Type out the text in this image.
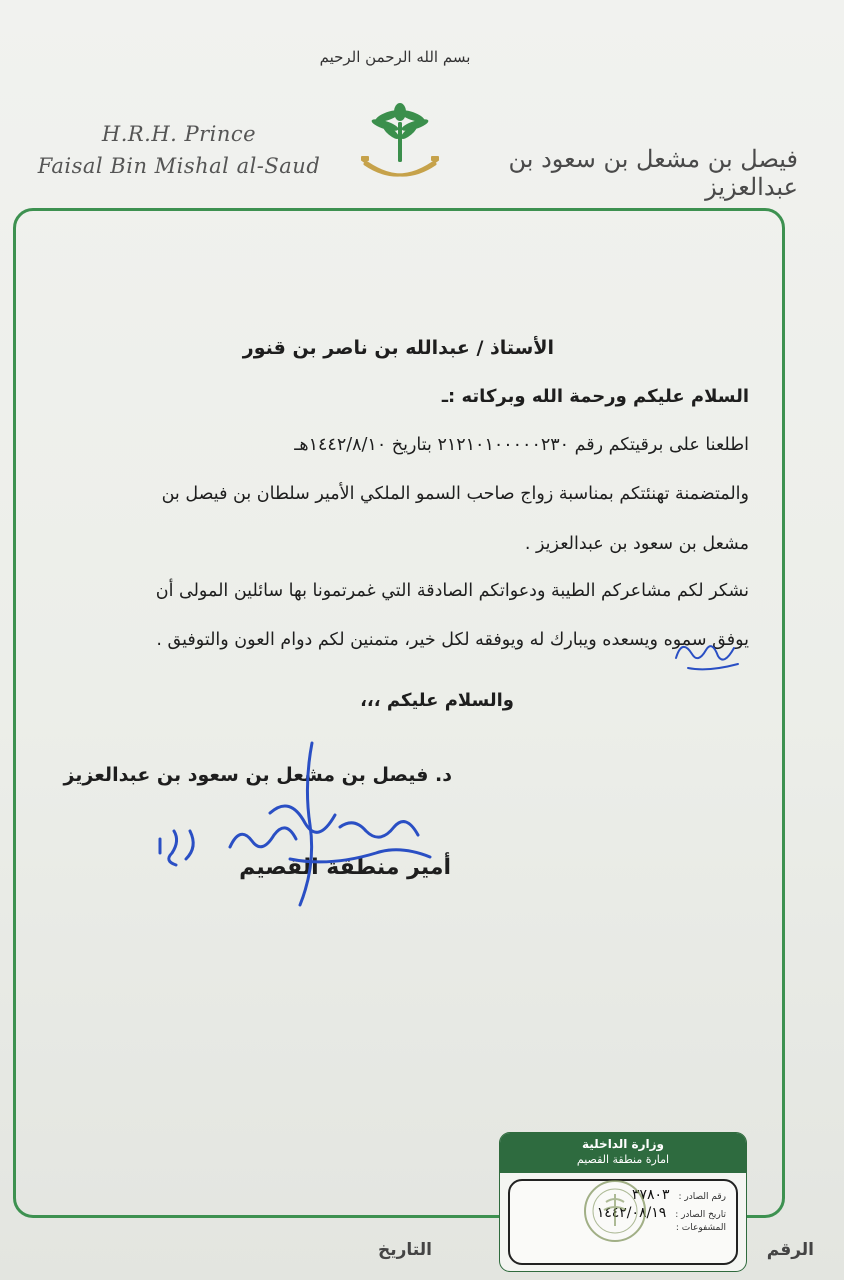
بسم الله الرحمن الرحيم
H.R.H. Prince
Faisal Bin Mishal al-Saud	فيصل بن مشعل بن سعود بن عبدالعزيز
الأستاذ / عبدالله بن ناصر بن قنور
السلام عليكم ورحمة الله وبركاته :ـ
اطلعنا على برقيتكم رقم ٢١٢١٠١٠٠٠٠٠٢٣٠ بتاريخ ١٤٤٢/٨/١٠هـ
والمتضمنة تهنئتكم بمناسبة زواج صاحب السمو الملكي الأمير سلطان بن فيصل بن
مشعل بن سعود بن عبدالعزيز .
نشكر لكم مشاعركم الطيبة ودعواتكم الصادقة التي غمرتمونا بها سائلين المولى أن
يوفق سموه ويسعده ويبارك له ويوفقه لكل خير، متمنين لكم دوام العون والتوفيق .
والسلام عليكم ،،،
د. فيصل بن مشعل بن سعود بن عبدالعزيز
أمير منطقة القصيم
وزارة الداخلية
امارة منطقة القصيم
رقم الصادر : ٣٧٨٠٣
تاريخ الصادر : ١٤٤٢/٠٨/١٩
المشفوعات :
الرقم
التاريخ
